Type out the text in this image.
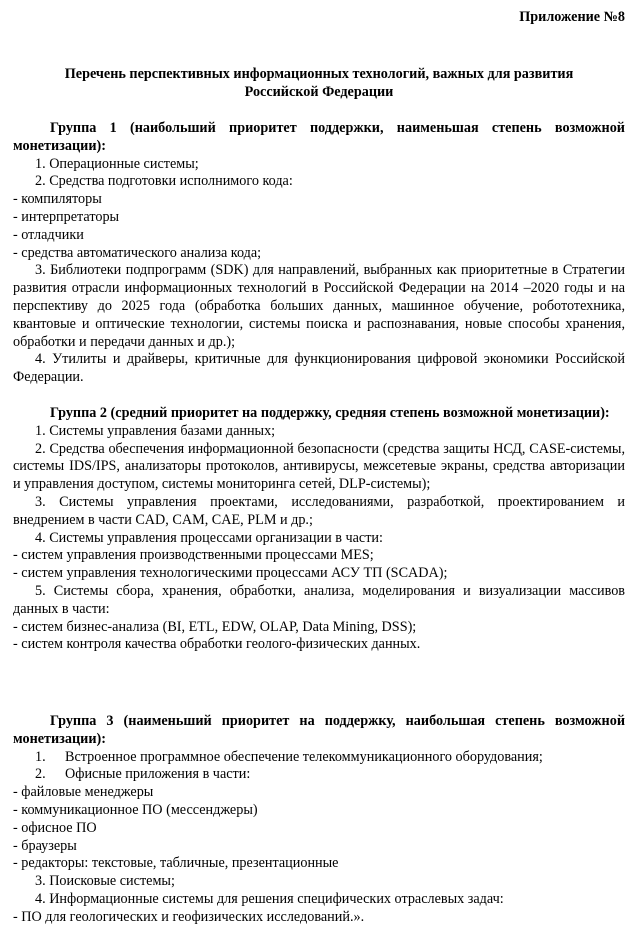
Приложение №8
Перечень перспективных информационных технологий, важных для развития
Российской Федерации
Группа 1 (наибольший приоритет поддержки, наименьшая степень возможной монетизации):
1. Операционные системы;
2. Средства подготовки исполнимого кода:
- компиляторы
- интерпретаторы
- отладчики
- средства автоматического анализа кода;
3. Библиотеки подпрограмм (SDK) для направлений, выбранных как приоритетные в Стратегии развития отрасли информационных технологий в Российской Федерации на 2014 –2020 годы и на перспективу до 2025 года (обработка больших данных, машинное обучение, робототехника, квантовые и оптические технологии, системы поиска и распознавания, новые способы хранения, обработки и передачи данных и др.);
4. Утилиты и драйверы, критичные для функционирования цифровой экономики Российской Федерации.
Группа 2 (средний приоритет на поддержку, средняя степень возможной монетизации):
1. Системы управления базами данных;
2. Средства обеспечения информационной безопасности (средства защиты НСД, CASE-системы, системы IDS/IPS, анализаторы протоколов, антивирусы, межсетевые экраны, средства авторизации и управления доступом, системы мониторинга сетей, DLP-системы);
3. Системы управления проектами, исследованиями, разработкой, проектированием и внедрением в части CAD, CAM, CAE, PLM и др.;
4. Системы управления процессами организации в части:
- систем управления производственными процессами MES;
- систем управления технологическими процессами АСУ ТП (SCADA);
5. Системы сбора, хранения, обработки, анализа, моделирования и визуализации массивов данных в части:
- систем бизнес-анализа (BI, ETL, EDW, OLAP, Data Mining, DSS);
- систем контроля качества обработки геолого-физических данных.
Группа 3 (наименьший приоритет на поддержку, наибольшая степень возможной монетизации):
1. Встроенное программное обеспечение телекоммуникационного оборудования;
2. Офисные приложения в части:
- файловые менеджеры
- коммуникационное ПО (мессенджеры)
- офисное ПО
- браузеры
- редакторы: текстовые, табличные, презентационные
3. Поисковые системы;
4. Информационные системы для решения специфических отраслевых задач:
- ПО для геологических и геофизических исследований.».
